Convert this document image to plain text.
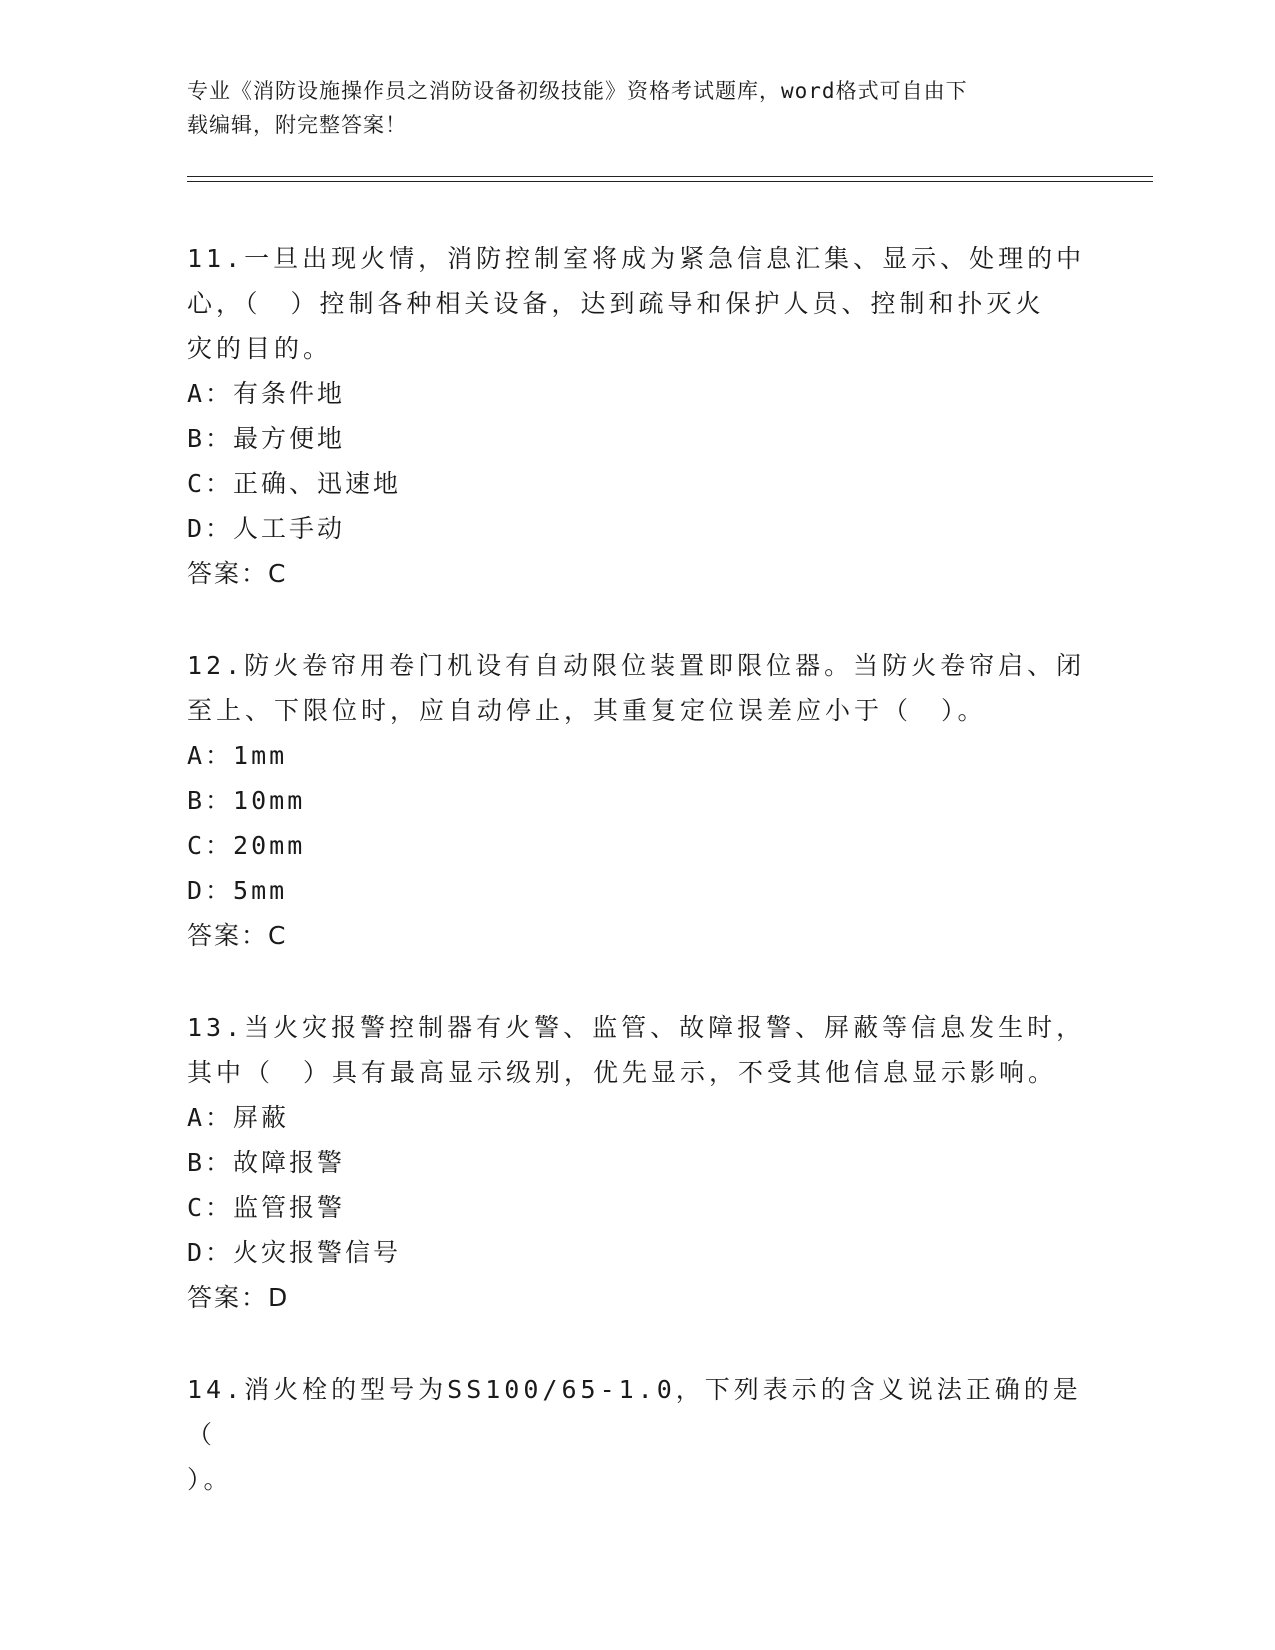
专业《消防设施操作员之消防设备初级技能》资格考试题库，word格式可自由下
载编辑，附完整答案！
11.一旦出现火情，消防控制室将成为紧急信息汇集、显示、处理的中
心，（　）控制各种相关设备，达到疏导和保护人员、控制和扑灭火
灾的目的。
A：有条件地
B：最方便地
C：正确、迅速地
D：人工手动
答案：C
12.防火卷帘用卷门机设有自动限位装置即限位器。当防火卷帘启、闭
至上、下限位时，应自动停止，其重复定位误差应小于（　）。
A：1mm
B：10mm
C：20mm
D：5mm
答案：C
13.当火灾报警控制器有火警、监管、故障报警、屏蔽等信息发生时，
其中（　）具有最高显示级别，优先显示，不受其他信息显示影响。
A：屏蔽
B：故障报警
C：监管报警
D：火灾报警信号
答案：D
14.消火栓的型号为SS100/65-1.0，下列表示的含义说法正确的是（
）。
